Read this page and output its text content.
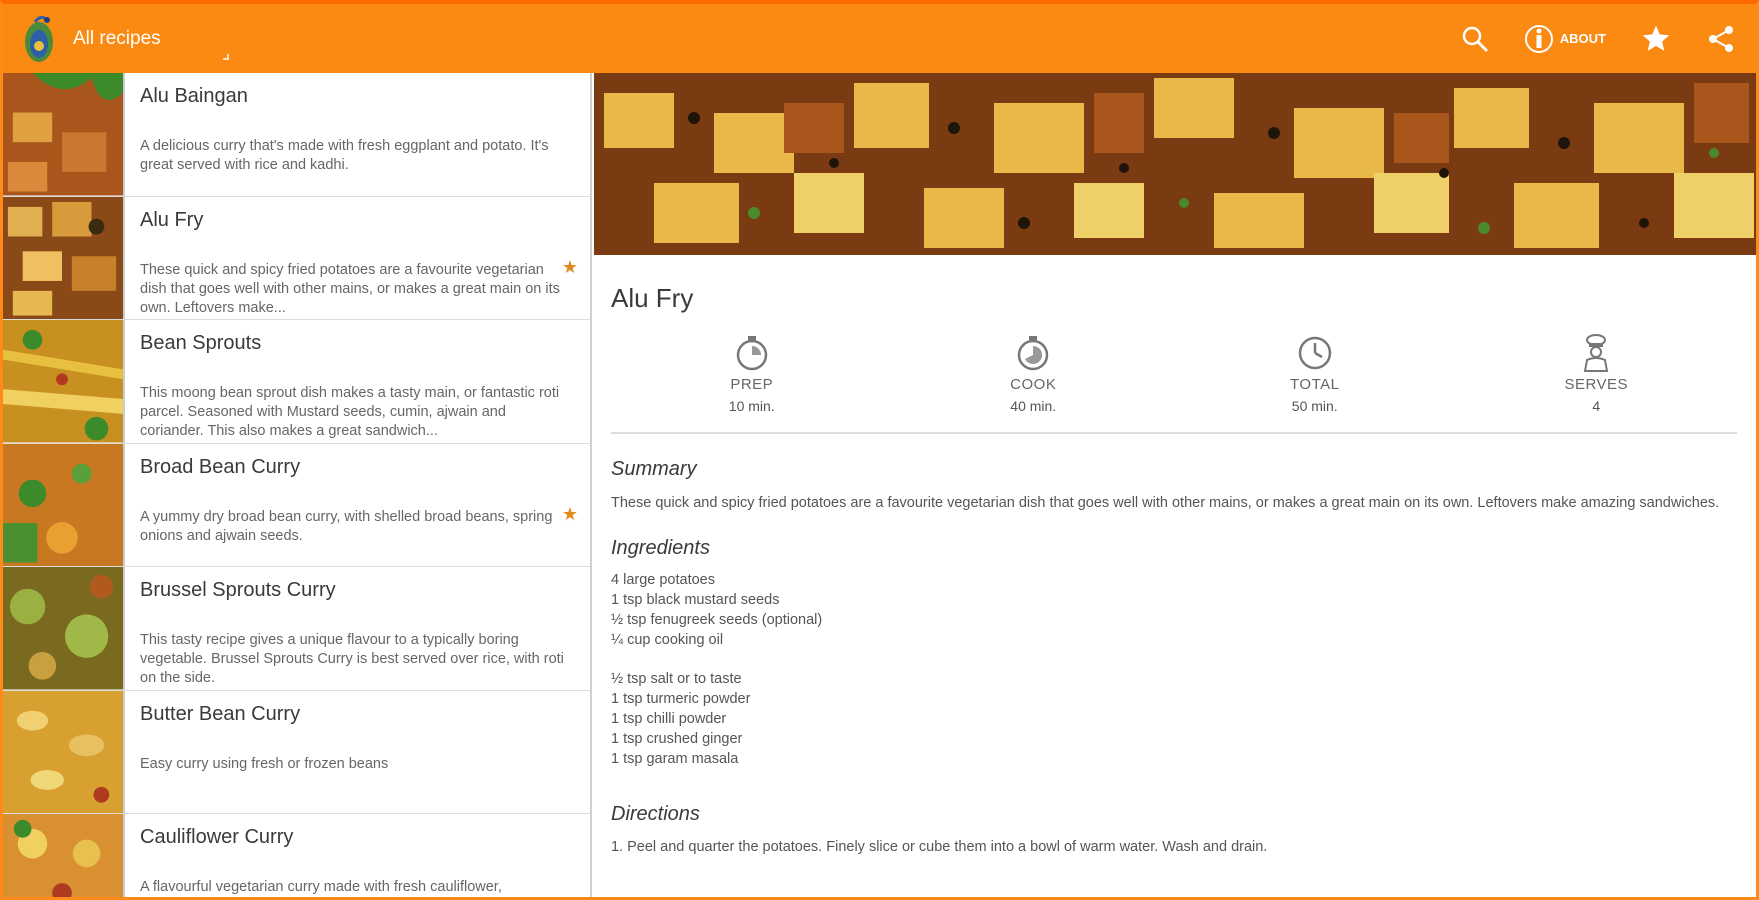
All recipes	ABOUT
Alu Baingan
A delicious curry that's made with fresh eggplant and potato. It's great served with rice and kadhi.
Alu Fry
These quick and spicy fried potatoes are a favourite vegetarian dish that goes well with other mains, or makes a great main on its own. Leftovers make...
★
Bean Sprouts
This moong bean sprout dish makes a tasty main, or fantastic roti parcel. Seasoned with Mustard seeds, cumin, ajwain and coriander. This also makes a great sandwich...
Broad Bean Curry
A yummy dry broad bean curry, with shelled broad beans, spring onions and ajwain seeds.
★
Brussel Sprouts Curry
This tasty recipe gives a unique flavour to a typically boring vegetable. Brussel Sprouts Curry is best served over rice, with roti on the side.
Butter Bean Curry
Easy curry using fresh or frozen beans
Cauliflower Curry
A flavourful vegetarian curry made with fresh cauliflower,
Alu Fry
PREP
10 min.
COOK
40 min.
TOTAL
50 min.
SERVES
4
Summary
These quick and spicy fried potatoes are a favourite vegetarian dish that goes well with other mains, or makes a great main on its own. Leftovers make amazing sandwiches.
Ingredients
4 large potatoes
1 tsp black mustard seeds
½ tsp fenugreek seeds (optional)
¼ cup cooking oil
½ tsp salt or to taste
1 tsp turmeric powder
1 tsp chilli powder
1 tsp crushed ginger
1 tsp garam masala
Directions
1. Peel and quarter the potatoes. Finely slice or cube them into a bowl of warm water. Wash and drain.
